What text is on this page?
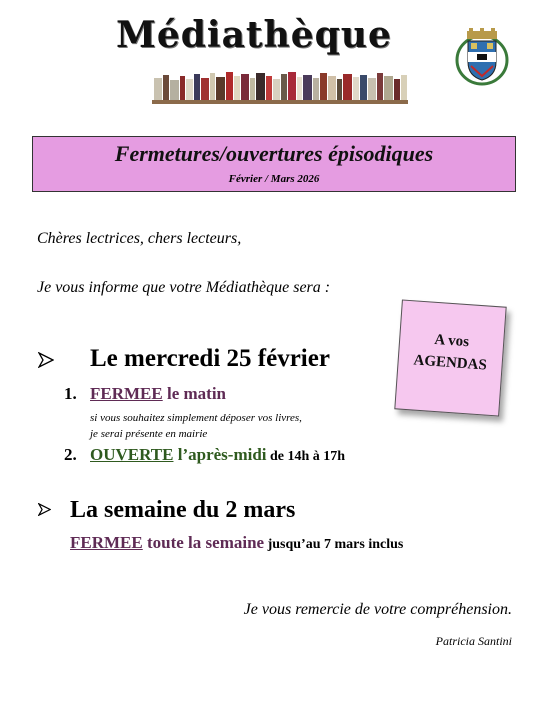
Médiathèque
Fermetures/ouvertures épisodiques
Février / Mars 2026
Chères lectrices, chers lecteurs,
Je vous informe que votre Médiathèque sera :
A vos
AGENDAS
Le mercredi 25 février
1. FERMEE le matin
si vous souhaitez simplement déposer vos livres,
je serai présente en mairie
2. OUVERTE l’après-midi de 14h à 17h
La semaine du 2 mars
FERMEE toute la semaine jusqu’au 7 mars inclus
Je vous remercie de votre compréhension.
Patricia Santini
